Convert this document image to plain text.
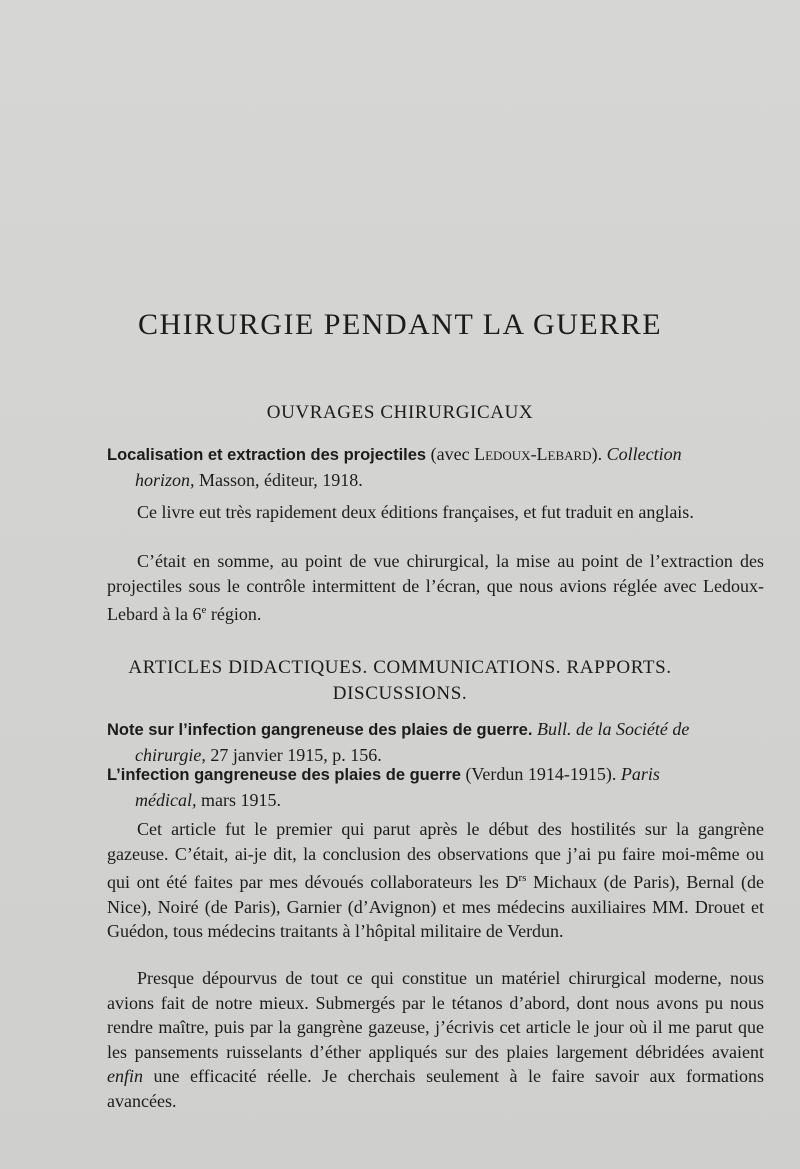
CHIRURGIE PENDANT LA GUERRE
OUVRAGES CHIRURGICAUX
Localisation et extraction des projectiles (avec Ledoux-Lebard). Collection
horizon, Masson, éditeur, 1918.
Ce livre eut très rapidement deux éditions françaises, et fut traduit en anglais.
C’était en somme, au point de vue chirurgical, la mise au point de l’extraction des projectiles sous le contrôle intermittent de l’écran, que nous avions réglée avec Ledoux-Lebard à la 6e région.
ARTICLES DIDACTIQUES. COMMUNICATIONS. RAPPORTS.
DISCUSSIONS.
Note sur l’infection gangreneuse des plaies de guerre. Bull. de la Société de
chirurgie, 27 janvier 1915, p. 156.
L’infection gangreneuse des plaies de guerre (Verdun 1914-1915). Paris
médical, mars 1915.
Cet article fut le premier qui parut après le début des hostilités sur la gangrène gazeuse. C’était, ai-je dit, la conclusion des observations que j’ai pu faire moi-même ou qui ont été faites par mes dévoués collaborateurs les $D^{rs}$ Michaux (de Paris), Bernal (de Nice), Noiré (de Paris), Garnier (d’Avignon) et mes médecins auxiliaires MM. Drouet et Guédon, tous médecins traitants à l’hôpital militaire de Verdun.
Presque dépourvus de tout ce qui constitue un matériel chirurgical moderne, nous avions fait de notre mieux. Submergés par le tétanos d’abord, dont nous avons pu nous rendre maître, puis par la gangrène gazeuse, j’écrivis cet article le jour où il me parut que les pansements ruisselants d’éther appliqués sur des plaies largement débridées avaient enfin une efficacité réelle. Je cherchais seulement à le faire savoir aux formations avancées.
